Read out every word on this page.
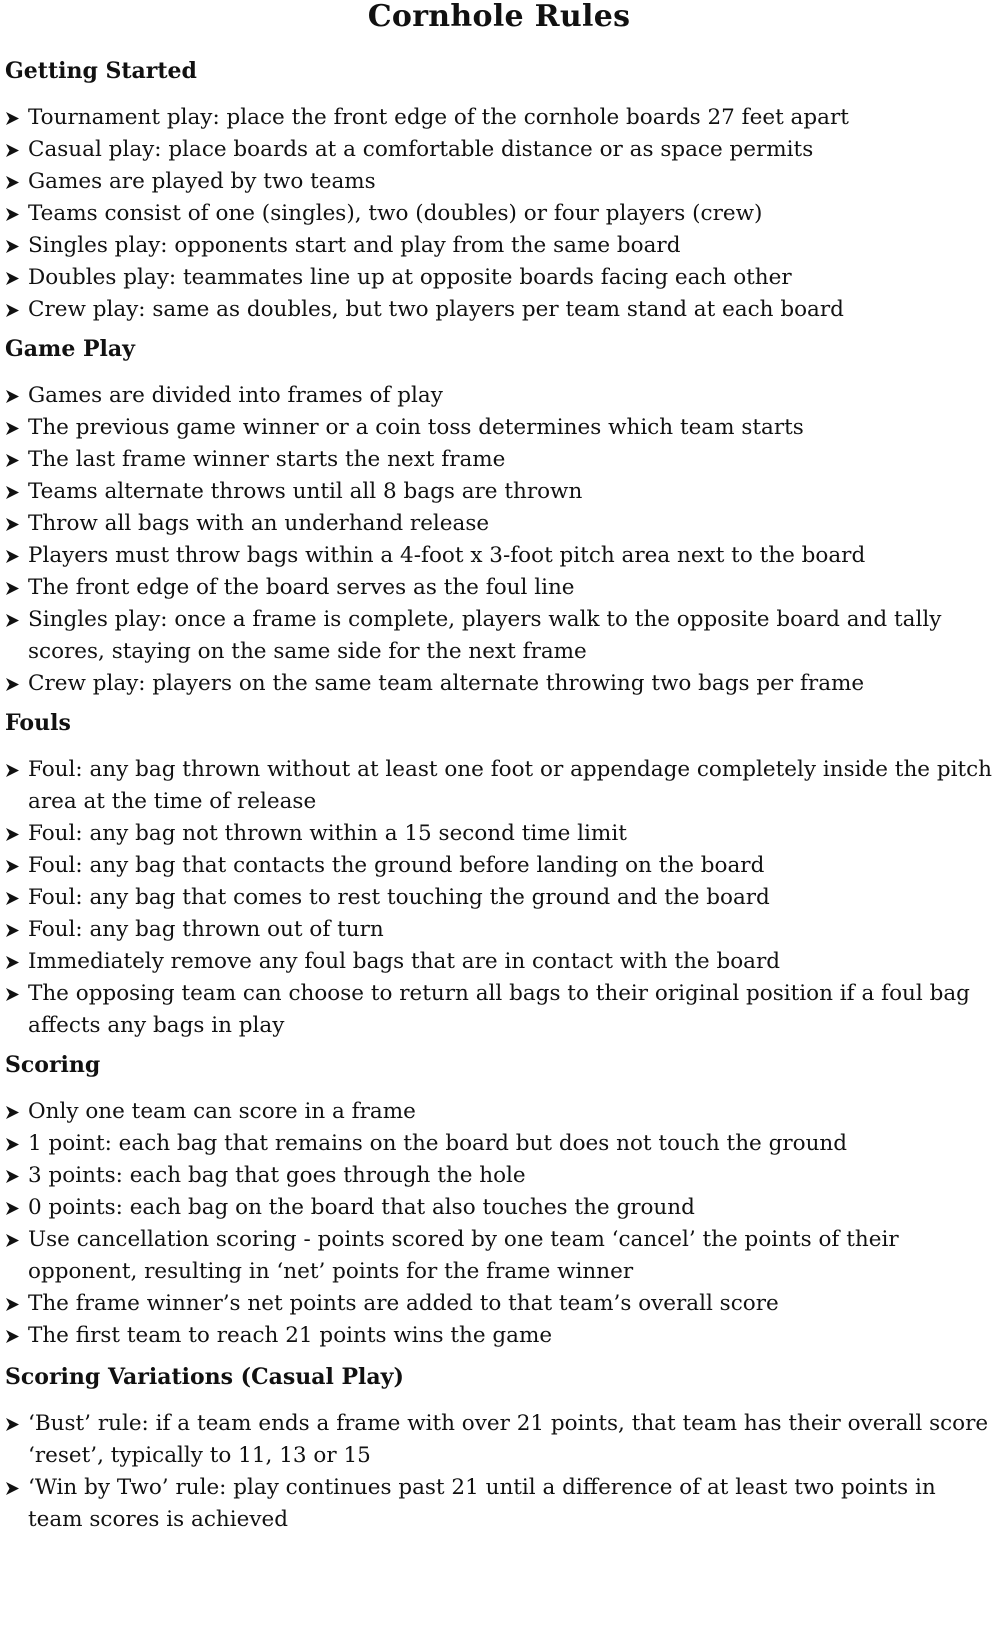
Cornhole Rules
Getting Started
Tournament play: place the front edge of the cornhole boards 27 feet apart
Casual play: place boards at a comfortable distance or as space permits
Games are played by two teams
Teams consist of one (singles), two (doubles) or four players (crew)
Singles play: opponents start and play from the same board
Doubles play: teammates line up at opposite boards facing each other
Crew play: same as doubles, but two players per team stand at each board
Game Play
Games are divided into frames of play
The previous game winner or a coin toss determines which team starts
The last frame winner starts the next frame
Teams alternate throws until all 8 bags are thrown
Throw all bags with an underhand release
Players must throw bags within a 4-foot x 3-foot pitch area next to the board
The front edge of the board serves as the foul line
Singles play: once a frame is complete, players walk to the opposite board and tally scores, staying on the same side for the next frame
Crew play: players on the same team alternate throwing two bags per frame
Fouls
Foul: any bag thrown without at least one foot or appendage completely inside the pitch area at the time of release
Foul: any bag not thrown within a 15 second time limit
Foul: any bag that contacts the ground before landing on the board
Foul: any bag that comes to rest touching the ground and the board
Foul: any bag thrown out of turn
Immediately remove any foul bags that are in contact with the board
The opposing team can choose to return all bags to their original position if a foul bag affects any bags in play
Scoring
Only one team can score in a frame
1 point: each bag that remains on the board but does not touch the ground
3 points: each bag that goes through the hole
0 points: each bag on the board that also touches the ground
Use cancellation scoring - points scored by one team ‘cancel’ the points of their opponent, resulting in ‘net’ points for the frame winner
The frame winner’s net points are added to that team’s overall score
The first team to reach 21 points wins the game
Scoring Variations (Casual Play)
‘Bust’ rule: if a team ends a frame with over 21 points, that team has their overall score ‘reset’, typically to 11, 13 or 15
‘Win by Two’ rule: play continues past 21 until a difference of at least two points in team scores is achieved
